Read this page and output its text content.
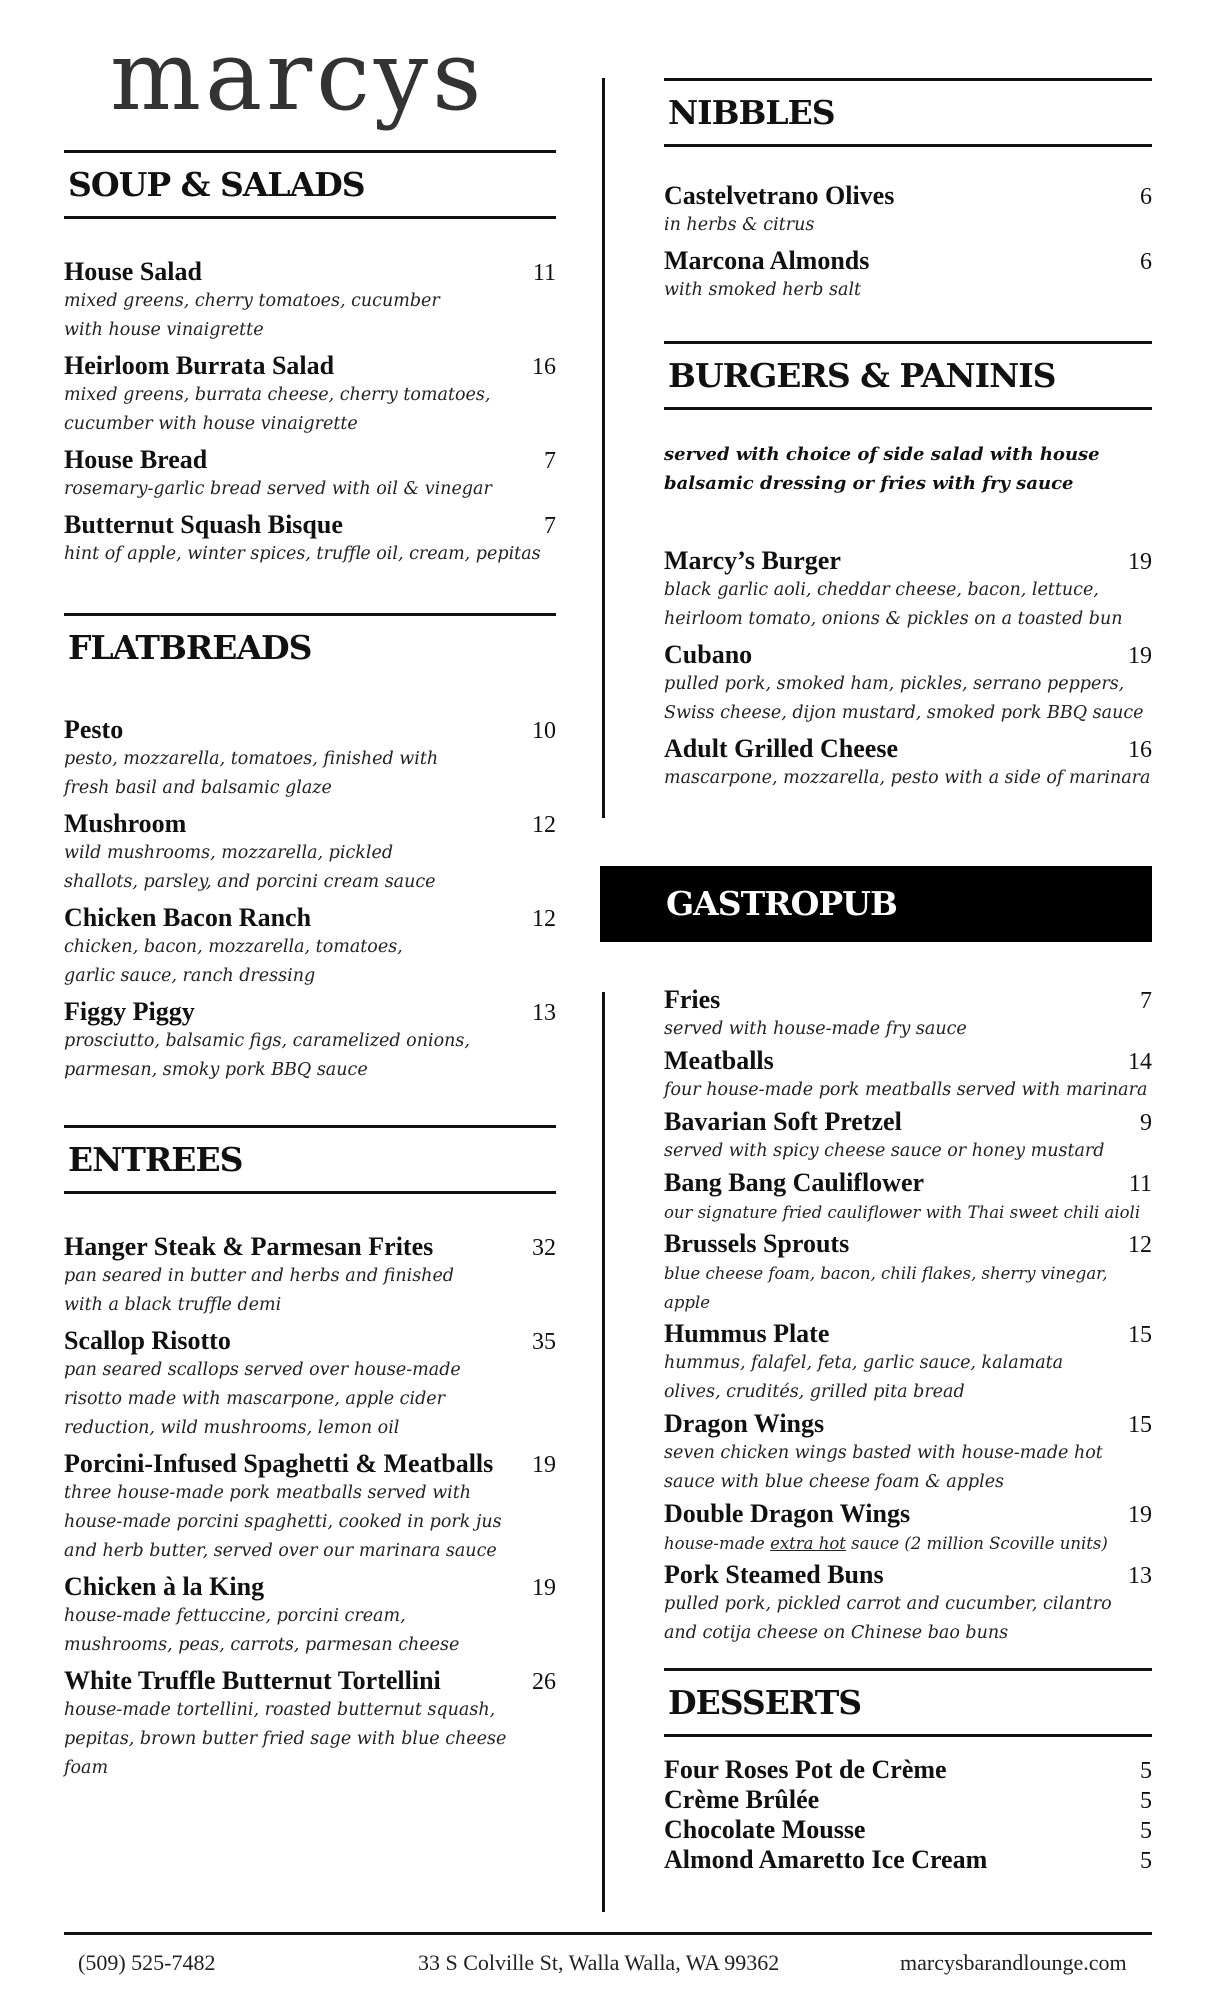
marcys
SOUP & SALADS
House Salad	11
mixed greens, cherry tomatoes, cucumber with house vinaigrette
Heirloom Burrata Salad	16
mixed greens, burrata cheese, cherry tomatoes, cucumber with house vinaigrette
House Bread	7
rosemary-garlic bread served with oil & vinegar
Butternut Squash Bisque	7
hint of apple, winter spices, truffle oil, cream, pepitas
FLATBREADS
Pesto	10
pesto, mozzarella, tomatoes, finished with fresh basil and balsamic glaze
Mushroom	12
wild mushrooms, mozzarella, pickled shallots, parsley, and porcini cream sauce
Chicken Bacon Ranch	12
chicken, bacon, mozzarella, tomatoes, garlic sauce, ranch dressing
Figgy Piggy	13
prosciutto, balsamic figs, caramelized onions, parmesan, smoky pork BBQ sauce
ENTREES
Hanger Steak & Parmesan Frites	32
pan seared in butter and herbs and finished with a black truffle demi
Scallop Risotto	35
pan seared scallops served over house-made risotto made with mascarpone, apple cider reduction, wild mushrooms, lemon oil
Porcini-Infused Spaghetti & Meatballs 19
three house-made pork meatballs served with house-made porcini spaghetti, cooked in pork jus and herb butter, served over our marinara sauce
Chicken à la King	19
house-made fettuccine, porcini cream, mushrooms, peas, carrots, parmesan cheese
White Truffle Butternut Tortellini	26
house-made tortellini, roasted butternut squash, pepitas, brown butter fried sage with blue cheese foam
NIBBLES
Castelvetrano Olives	6
in herbs & citrus
Marcona Almonds	6
with smoked herb salt
BURGERS & PANINIS
served with choice of side salad with house balsamic dressing or fries with fry sauce
Marcy’s Burger	19
black garlic aoli, cheddar cheese, bacon, lettuce, heirloom tomato, onions & pickles on a toasted bun
Cubano	19
pulled pork, smoked ham, pickles, serrano peppers, Swiss cheese, dijon mustard, smoked pork BBQ sauce
Adult Grilled Cheese	16
mascarpone, mozzarella, pesto with a side of marinara
GASTROPUB
Fries	7
served with house-made fry sauce
Meatballs	14
four house-made pork meatballs served with marinara
Bavarian Soft Pretzel	9
served with spicy cheese sauce or honey mustard
Bang Bang Cauliflower	11
our signature fried cauliflower with Thai sweet chili aioli
Brussels Sprouts	12
blue cheese foam, bacon, chili flakes, sherry vinegar, apple
Hummus Plate	15
hummus, falafel, feta, garlic sauce, kalamata olives, crudités, grilled pita bread
Dragon Wings	15
seven chicken wings basted with house-made hot sauce with blue cheese foam & apples
Double Dragon Wings	19
house-made extra hot sauce (2 million Scoville units)
Pork Steamed Buns	13
pulled pork, pickled carrot and cucumber, cilantro and cotija cheese on Chinese bao buns
DESSERTS
Four Roses Pot de Crème	5
Crème Brûlée	5
Chocolate Mousse	5
Almond Amaretto Ice Cream	5
(509) 525-7482	33 S Colville St, Walla Walla, WA 99362	marcysbarandlounge.com
